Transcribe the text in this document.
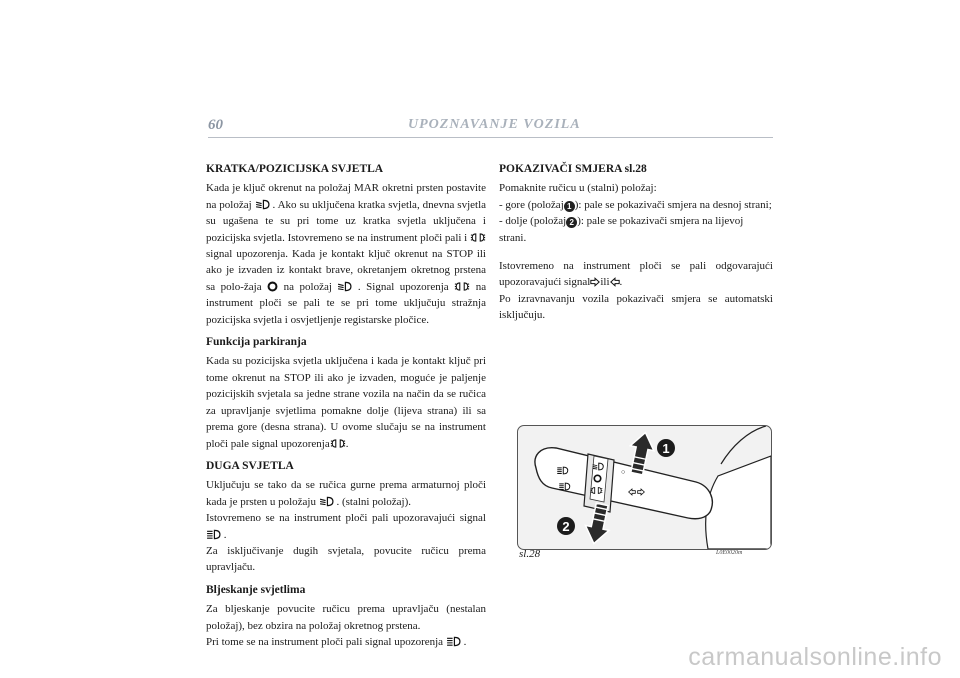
60	UPOZNAVANJE VOZILA
KRATKA/POZICIJSKA SVJETLA

Kada je ključ okrenut na položaj MAR okretni prsten postavite na položaj . Ako su uključena kratka svjetla, dnevna svjetla su ugašena te su pri tome uz kratka svjetla uključena i pozicijska svjetla. Istovremeno se na instrument ploči pali i  signal upozorenja. Kada je kontakt ključ okrenut na STOP ili ako je izvaden iz kontakt brave, okretanjem okretnog prstena sa polo-žaja na položaj . Signal upozorenja na instrument ploči se pali te se pri tome uključuju stražnja pozicijska svjetla i osvjetljenje registarske pločice.

Funkcija parkiranja

Kada su pozicijska svjetla uključena i kada je kontakt ključ pri tome okrenut na STOP ili ako je izvaden, moguće je paljenje pozicijskih svjetala sa jedne strane vozila na način da se ručica za upravljanje svjetlima pomakne dolje (lijeva strana) ili sa prema gore (desna strana). U ovome slučaju se na instrument ploči pale signal upozorenja .

DUGA SVJETLA

Uključuju se tako da se ručica gurne prema armaturnoj ploči kada je prsten u položaju . (stalni položaj).
Istovremeno se na instrument ploči pali upozoravajući signal  .
Za isključivanje dugih svjetala, povucite ručicu prema upravljaču.

Bljeskanje svjetlima

Za bljeskanje povucite ručicu prema upravljaču (nestalan položaj), bez obzira na položaj okretnog prstena.
Pri tome se na instrument ploči pali signal upozorenja .

POKAZIVAČI SMJERA sl.28

Pomaknite ručicu u (stalni) položaj:
- gore (položaj 1 ): pale se pokazivači smjera na desnoj strani;
- dolje (položaj 2 ): pale se pokazivači smjera na lijevoj strani.

Istovremeno na instrument ploči se pali odgovarajući upozoravajući signal ili .
Po izravnavanju vozila pokazivači smjera se automatski isključuju.

○
1
2
sl.28	L0E0020m
carmanualsonline.info
